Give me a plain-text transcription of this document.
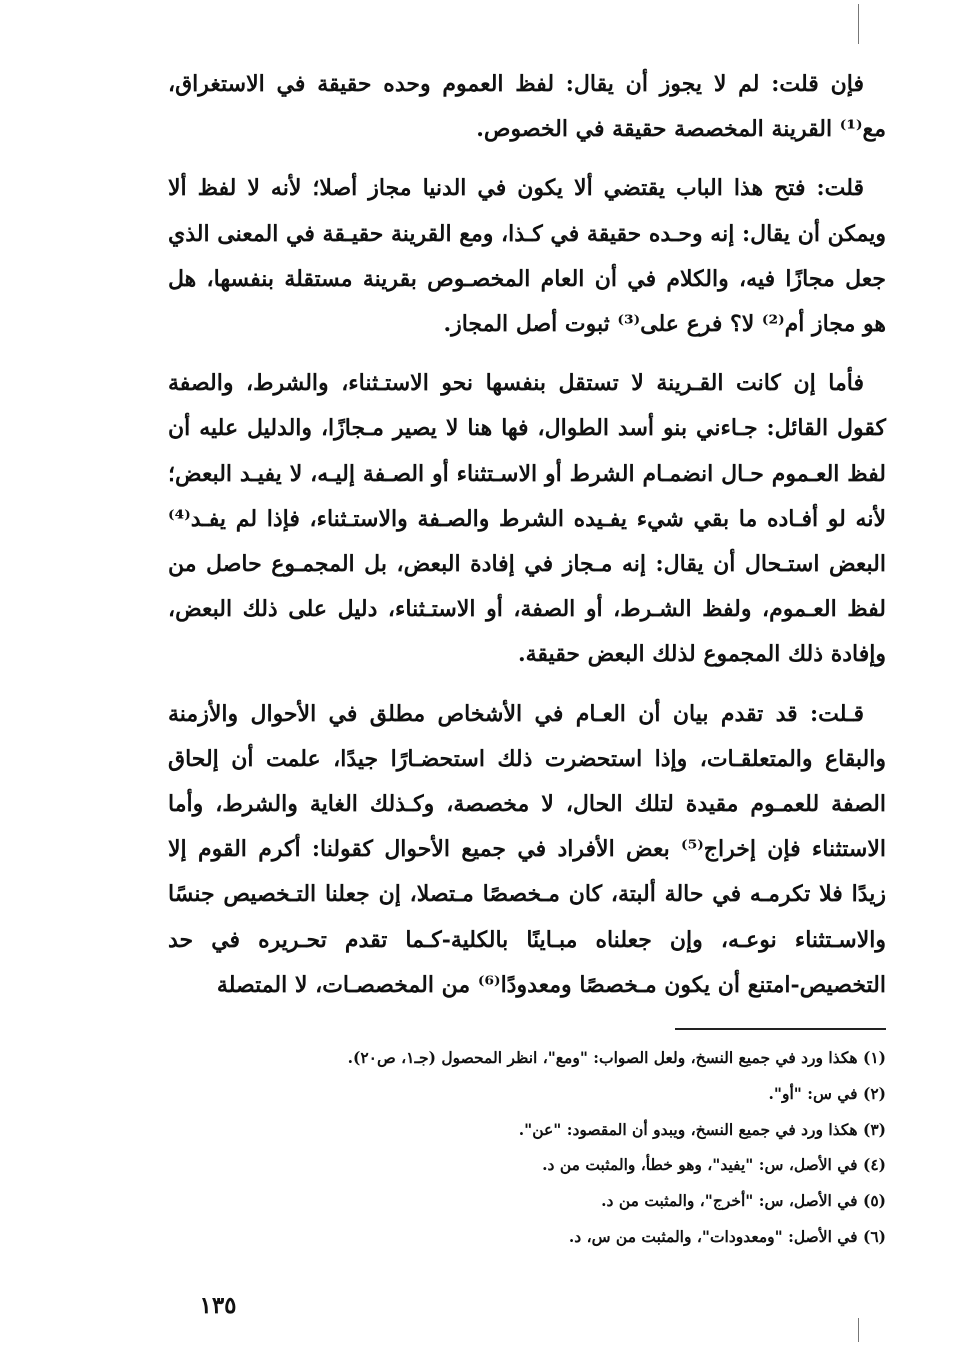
فإن قلت: لم لا يجوز أن يقال: لفظ العموم وحده حقيقة في الاستغراق، مع⁽¹⁾ القرينة المخصصة حقيقة في الخصوص.

قلت: فتح هذا الباب يقتضي ألا يكون في الدنيا مجاز أصلا؛ لأنه لا لفظ ألا ويمكن أن يقال: إنه وحـده حقيقة في كـذا، ومع القرينة حقيـقة في المعنى الذي جعل مجازًا فيه، والكلام في أن العام المخصـوص بقرينة مستقلة بنفسها، هل هو مجاز أم⁽²⁾ لا؟ فرع على⁽³⁾ ثبوت أصل المجاز.

فأما إن كانت القـرينة لا تستقل بنفسها نحو الاستـثناء، والشرط، والصفة كقول القائل: جـاءني بنو أسد الطوال، فها هنا لا يصير مـجازًا، والدليل عليه أن لفظ العـموم حـال انضمـام الشرط أو الاسـتثناء أو الصـفة إليـه، لا يفيـد البعض؛ لأنه لو أفـاده ما بقي شيء يفـيده الشرط والصـفة والاستـثناء، فإذا لم يفـد⁽⁴⁾ البعض استـحال أن يقال: إنه مـجاز في إفادة البعض، بل المجمـوع حاصل من لفظ العـموم، ولفظ الشـرط، أو الصفة، أو الاستـثناء، دليل على ذلك البعض، وإفادة ذلك المجموع لذلك البعض حقيقة.

قـلت: قد تقدم بيان أن العـام في الأشخاص مطلق في الأحوال والأزمنة والبقاع والمتعلقـات، وإذا استحضرت ذلك استحضـارًا جيدًا، علمت أن إلحاق الصفة للعمـوم مقيدة لتلك الحال، لا مخصصة، وكـذلك الغاية والشرط، وأما الاستثناء فإن إخراج⁽⁵⁾ بعض الأفراد في جميع الأحوال كقولنا: أكرم القوم إلا زيدًا فلا تكرمـه في حالة ألبتة، كان مـخصصًا مـتصلا، إن جعلنا التـخصيص جنسًا والاسـتثناء نوعـه، وإن جعلناه مبـاينًا بالكلية-كـما تقدم تحـريره في حد التخصيص-امتنع أن يكون مـخصصًا ومعدودًا⁽⁶⁾ من المخصصـات، لا المتصلة

(١) هكذا ورد في جميع النسخ، ولعل الصواب: "ومع"، انظر المحصول (جـ١، ص٢٠).

(٢) في س: "أو".

(٣) هكذا ورد في جميع النسخ، ويبدو أن المقصود: "عن".

(٤) في الأصل، س: "يفيد"، وهو خطأ، والمثبت من د.

(٥) في الأصل، س: "أخرج"، والمثبت من د.

(٦) في الأصل: "ومعدودات"، والمثبت من س، د.

١٣٥
